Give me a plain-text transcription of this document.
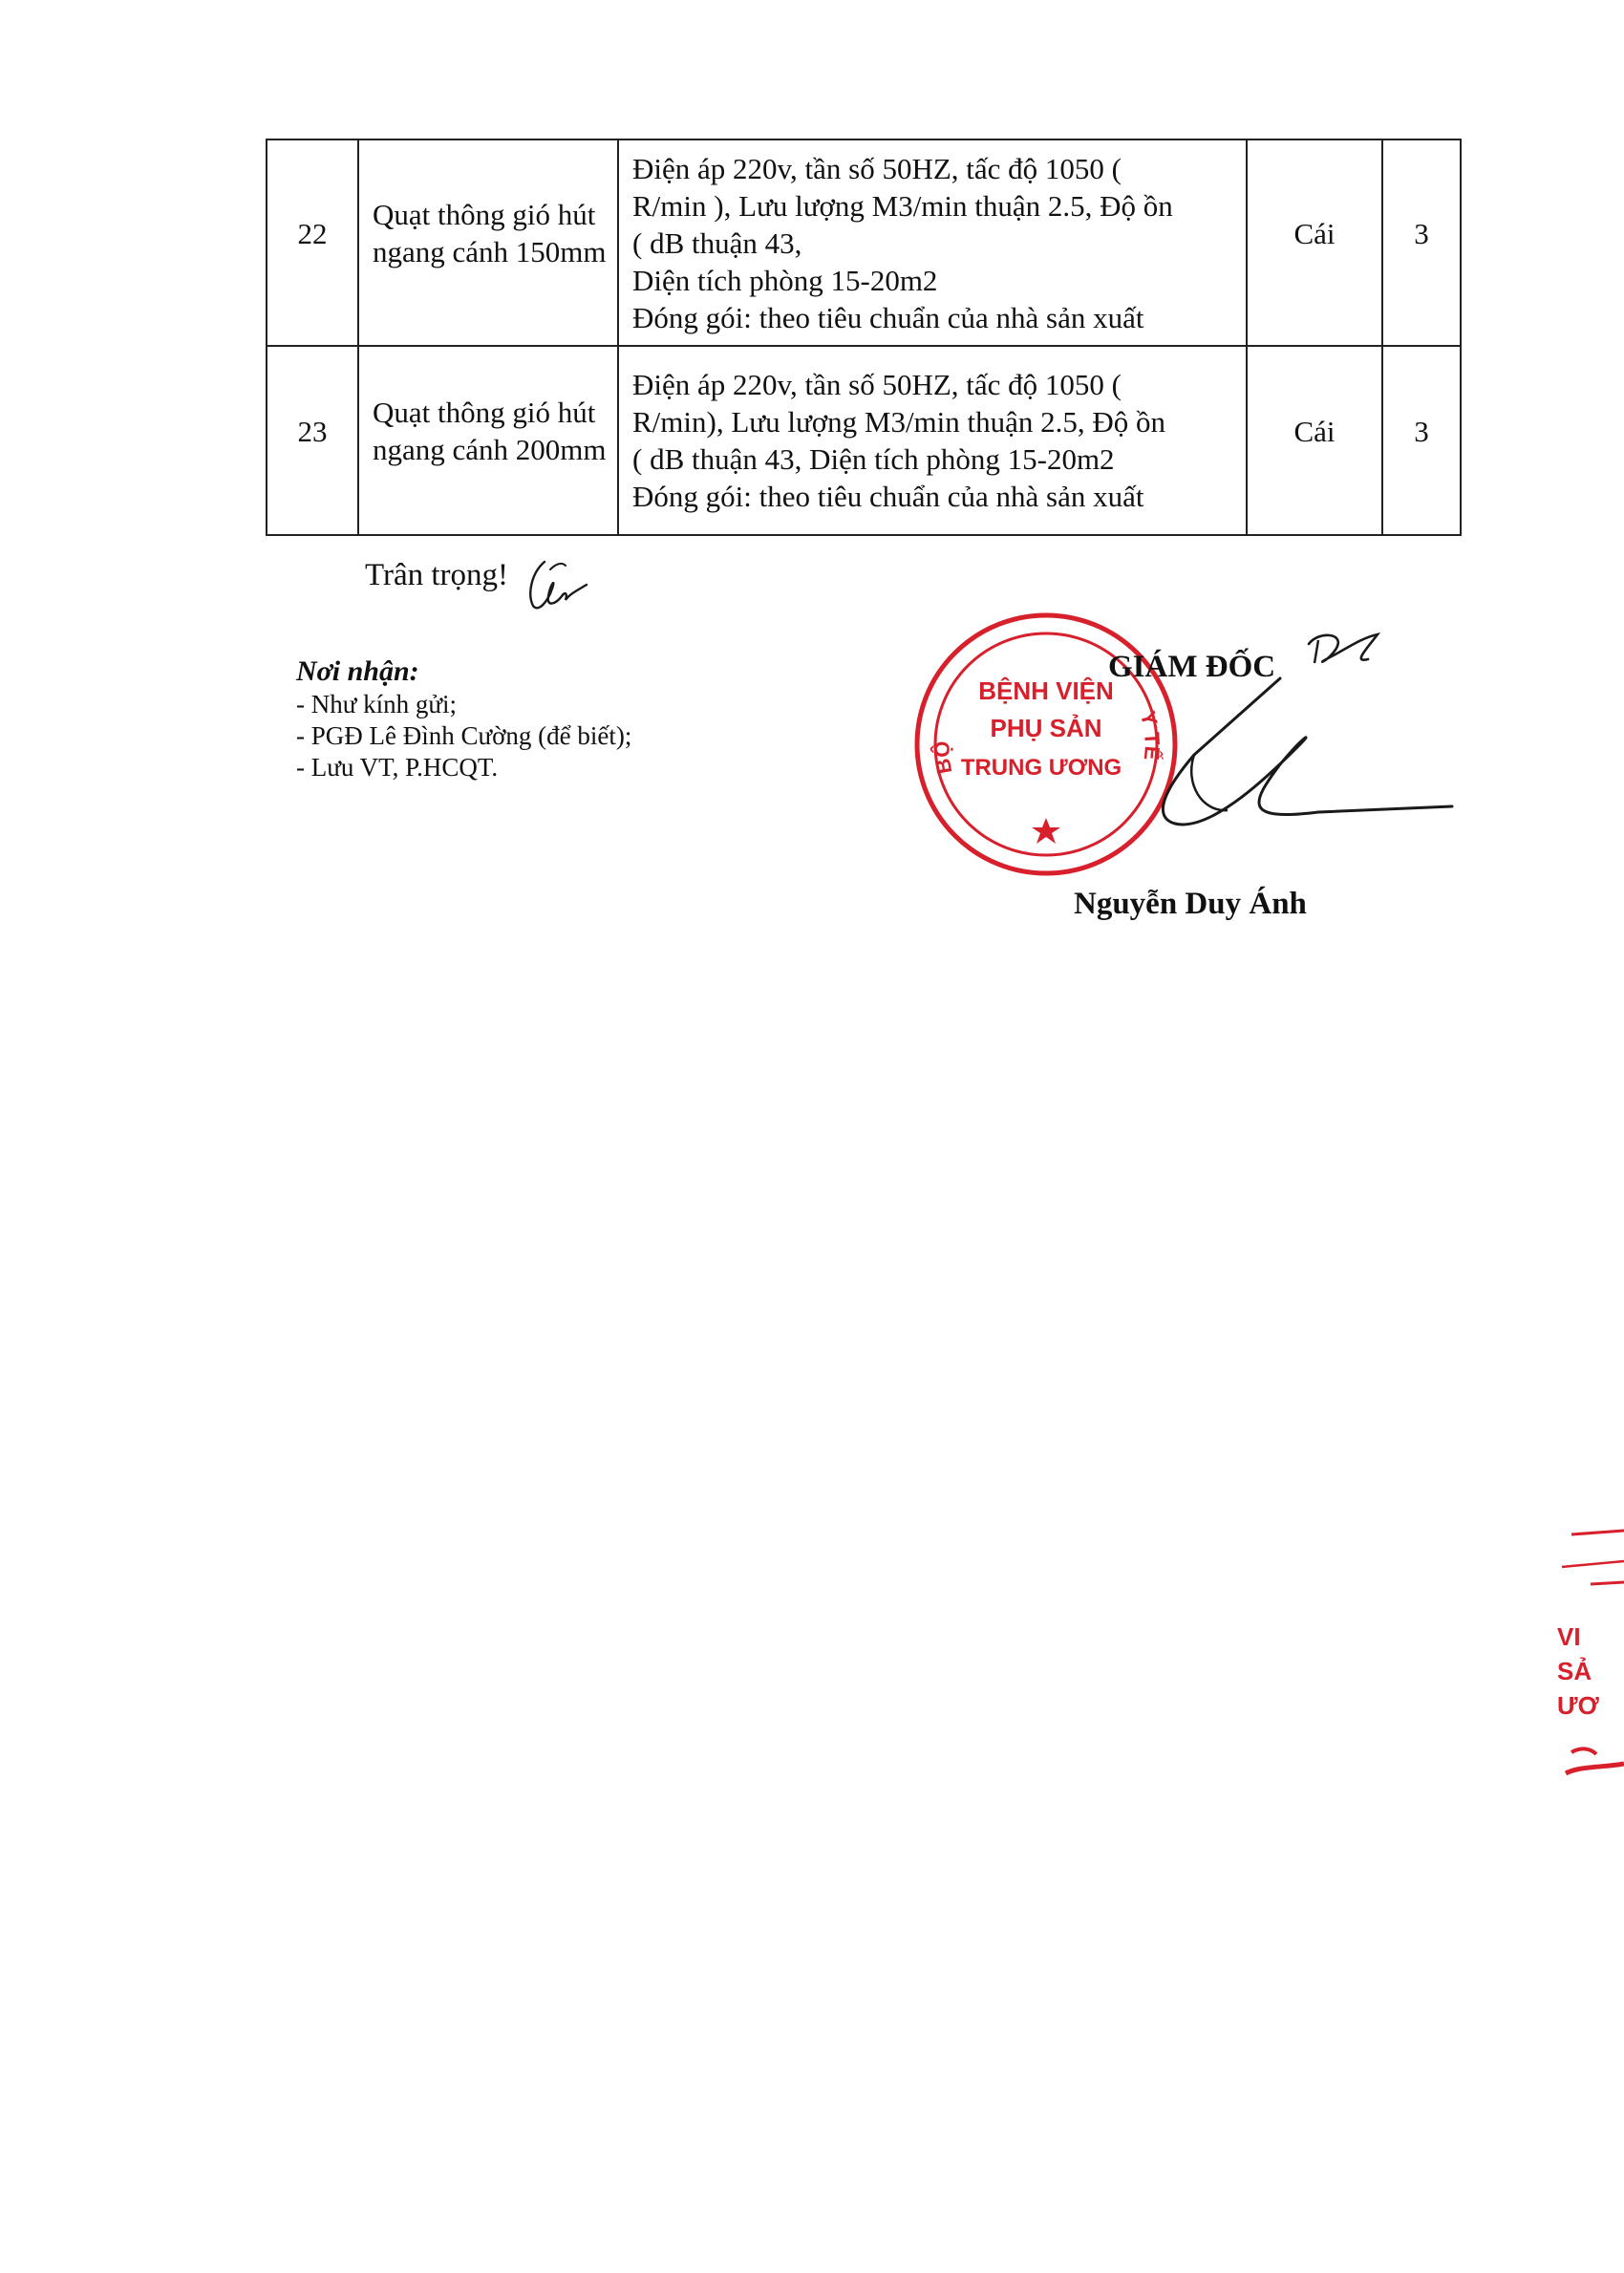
22	Quạt thông gió hút ngang cánh 150mm	Điện áp 220v, tần số 50HZ, tấc độ 1050 (
R/min ), Lưu lượng M3/min thuận 2.5, Độ ồn
( dB thuận 43,
Diện tích phòng 15-20m2
Đóng gói: theo tiêu chuẩn của nhà sản xuất	Cái	3

23	Quạt thông gió hút ngang cánh 200mm	Điện áp 220v, tần số 50HZ, tấc độ 1050 (
R/min), Lưu lượng M3/min thuận 2.5, Độ ồn
( dB thuận 43, Diện tích phòng 15-20m2
Đóng gói: theo tiêu chuẩn của nhà sản xuất	Cái	3
Trân trọng!
Nơi nhận:
- Như kính gửi;
- PGĐ Lê Đình Cường (để biết);
- Lưu VT, P.HCQT.
BỆNH VIỆN
PHỤ SẢN
TRUNG ƯƠNG
BỘ
Y TẾ
GIÁM ĐỐC
Nguyễn Duy Ánh
VI
SẢ
ƯƠ
